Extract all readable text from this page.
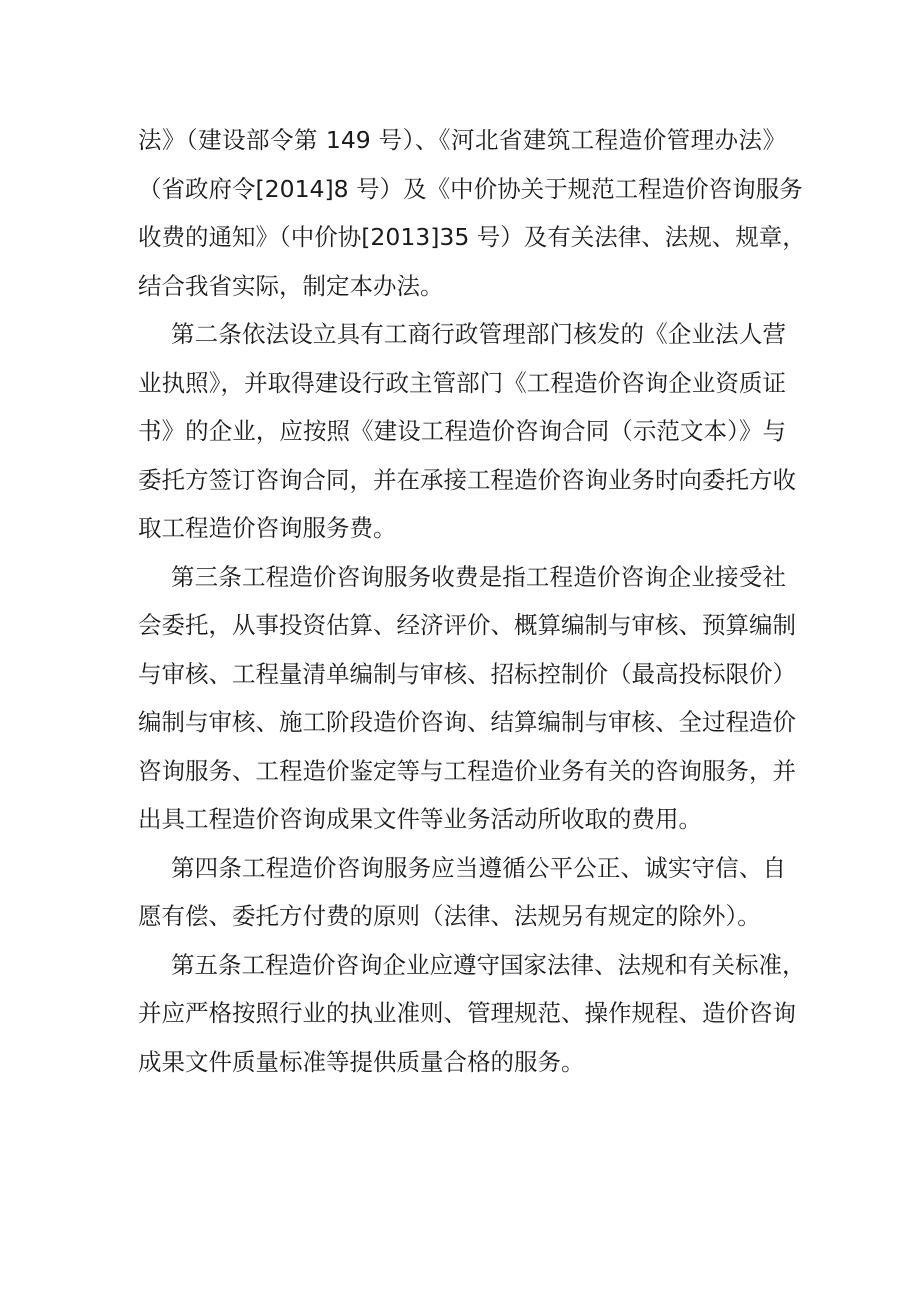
法》（建设部令第 149 号）、《河北省建筑工程造价管理办法》
（省政府令[2014]8 号）及《中价协关于规范工程造价咨询服务
收费的通知》（中价协[2013]35 号）及有关法律、法规、规章，
结合我省实际，制定本办法。
第二条依法设立具有工商行政管理部门核发的《企业法人营
业执照》，并取得建设行政主管部门《工程造价咨询企业资质证
书》的企业，应按照《建设工程造价咨询合同（示范文本）》与
委托方签订咨询合同，并在承接工程造价咨询业务时向委托方收
取工程造价咨询服务费。
第三条工程造价咨询服务收费是指工程造价咨询企业接受社
会委托，从事投资估算、经济评价、概算编制与审核、预算编制
与审核、工程量清单编制与审核、招标控制价（最高投标限价）
编制与审核、施工阶段造价咨询、结算编制与审核、全过程造价
咨询服务、工程造价鉴定等与工程造价业务有关的咨询服务，并
出具工程造价咨询成果文件等业务活动所收取的费用。
第四条工程造价咨询服务应当遵循公平公正、诚实守信、自
愿有偿、委托方付费的原则（法律、法规另有规定的除外）。
第五条工程造价咨询企业应遵守国家法律、法规和有关标准，
并应严格按照行业的执业准则、管理规范、操作规程、造价咨询
成果文件质量标准等提供质量合格的服务。
